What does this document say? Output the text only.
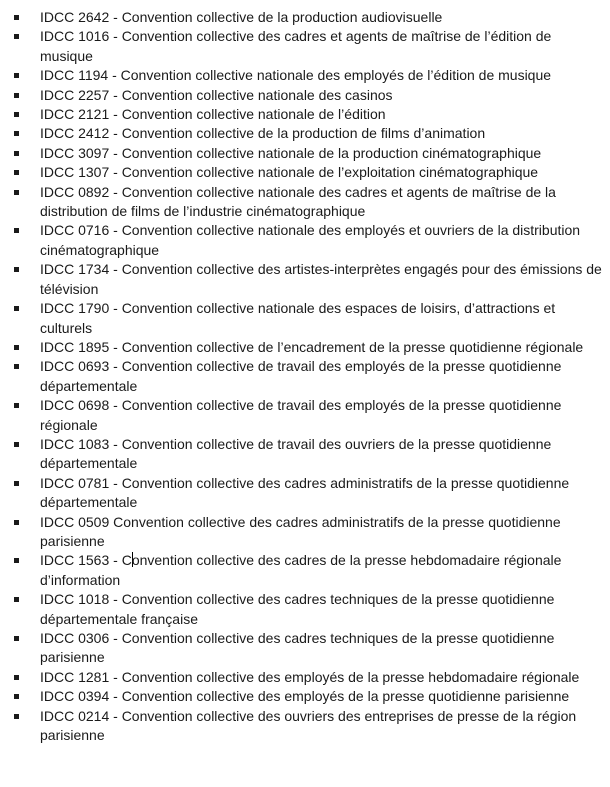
IDCC 2642 - Convention collective de la production audiovisuelle
IDCC 1016 - Convention collective des cadres et agents de maîtrise de l’édition de musique
IDCC 1194 - Convention collective nationale des employés de l’édition de musique
IDCC 2257 - Convention collective nationale des casinos
IDCC 2121 - Convention collective nationale de l’édition
IDCC 2412 - Convention collective de la production de films d’animation
IDCC 3097 - Convention collective nationale de la production cinématographique
IDCC 1307 - Convention collective nationale de l’exploitation cinématographique
IDCC 0892 - Convention collective nationale des cadres et agents de maîtrise de la distribution de films de l’industrie cinématographique
IDCC 0716 - Convention collective nationale des employés et ouvriers de la distribution cinématographique
IDCC 1734 - Convention collective des artistes-interprètes engagés pour des émissions de télévision
IDCC 1790 - Convention collective nationale des espaces de loisirs, d’attractions et culturels
IDCC 1895 - Convention collective de l’encadrement de la presse quotidienne régionale
IDCC 0693 - Convention collective de travail des employés de la presse quotidienne départementale
IDCC 0698 - Convention collective de travail des employés de la presse quotidienne régionale
IDCC 1083 - Convention collective de travail des ouvriers de la presse quotidienne départementale
IDCC 0781 - Convention collective des cadres administratifs de la presse quotidienne départementale
IDCC 0509 Convention collective des cadres administratifs de la presse quotidienne parisienne
IDCC 1563 - Convention collective des cadres de la presse hebdomadaire régionale d’information
IDCC 1018 - Convention collective des cadres techniques de la presse quotidienne départementale française
IDCC 0306 - Convention collective des cadres techniques de la presse quotidienne parisienne
IDCC 1281 - Convention collective des employés de la presse hebdomadaire régionale
IDCC 0394 - Convention collective des employés de la presse quotidienne parisienne
IDCC 0214 - Convention collective des ouvriers des entreprises de presse de la région parisienne
